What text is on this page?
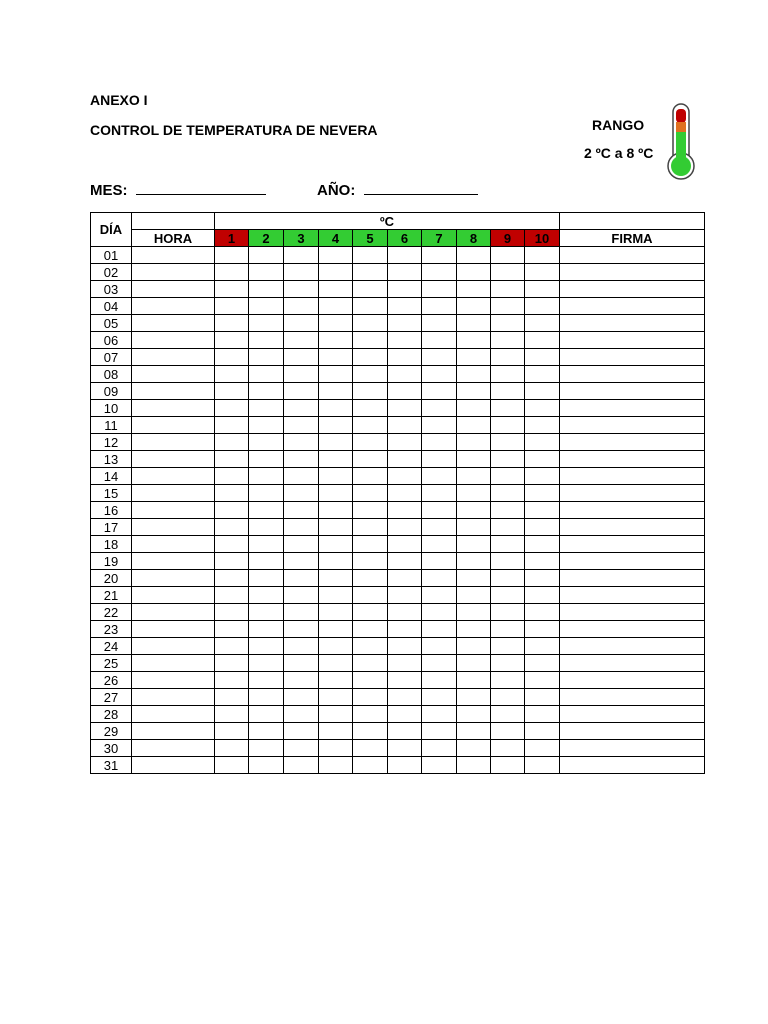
ANEXO I
CONTROL DE TEMPERATURA DE NEVERA	RANGO
2 ºC a 8 ºC
MES:	AÑO:
DÍA		ºC										
	HORA	1	2	3	4	5	6	7	8	9	10	FIRMA
01												
02												
03												
04												
05												
06												
07												
08												
09												
10												
11												
12												
13												
14												
15												
16												
17												
18												
19												
20												
21												
22												
23												
24												
25												
26												
27												
28												
29												
30												
31												
